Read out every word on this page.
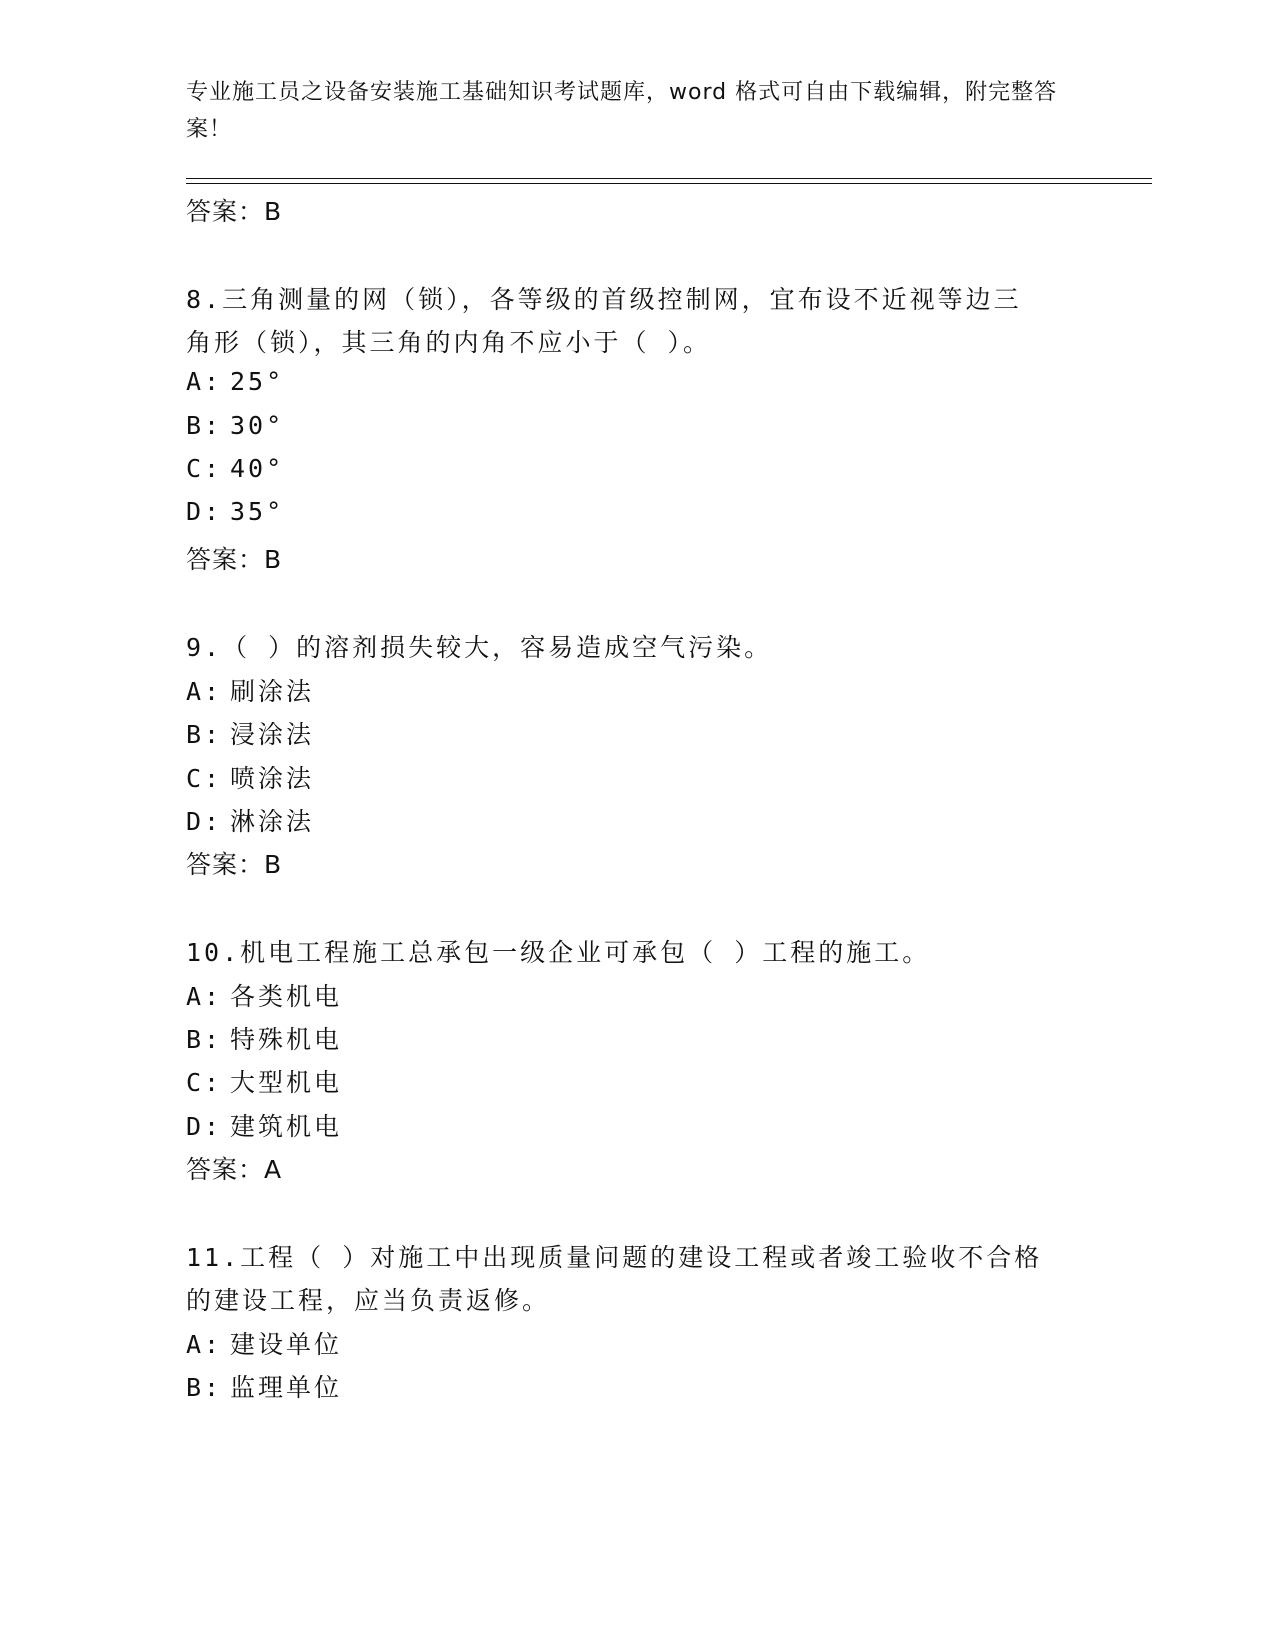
专业施工员之设备安装施工基础知识考试题库，word 格式可自由下载编辑，附完整答案！
答案：B
8.三角测量的网（锁），各等级的首级控制网，宜布设不近视等边三
角形（锁），其三角的内角不应小于（ ）。
A: 25°
B: 30°
C: 40°
D: 35°
答案：B
9.（ ）的溶剂损失较大，容易造成空气污染。
A: 刷涂法
B: 浸涂法
C: 喷涂法
D: 淋涂法
答案：B
10.机电工程施工总承包一级企业可承包（ ）工程的施工。
A: 各类机电
B: 特殊机电
C: 大型机电
D: 建筑机电
答案：A
11.工程（ ）对施工中出现质量问题的建设工程或者竣工验收不合格
的建设工程，应当负责返修。
A: 建设单位
B: 监理单位
